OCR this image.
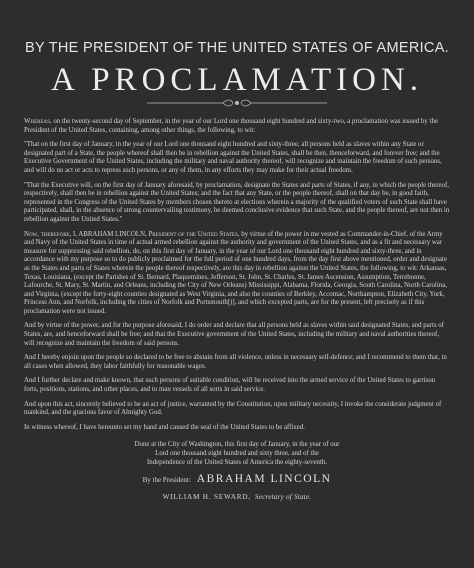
BY THE PRESIDENT OF THE UNITED STATES OF AMERICA.
A PROCLAMATION.

Whereas, on the twenty-second day of September, in the year of our Lord one thousand eight hundred and sixty-two, a proclamation was issued by the President of the United States, containing, among other things, the following, to wit:

"That on the first day of January, in the year of our Lord one thousand eight hundred and sixty-three, all persons held as slaves within any State or designated part of a State, the people whereof shall then be in rebellion against the United States, shall be then, thenceforward, and forever free; and the Executive Government of the United States, including the military and naval authority thereof, will recognize and maintain the freedom of such persons, and will do no act or acts to repress such persons, or any of them, in any efforts they may make for their actual freedom.

"That the Executive will, on the first day of January aforesaid, by proclamation, designate the States and parts of States, if any, in which the people thereof, respectively, shall then be in rebellion against the United States; and the fact that any State, or the people thereof, shall on that day be, in good faith, represented in the Congress of the United States by members chosen thereto at elections wherein a majority of the qualified voters of such State shall have participated, shall, in the absence of strong countervailing testimony, be deemed conclusive evidence that such State, and the people thereof, are not then in rebellion against the United States."

Now, therefore, I, ABRAHAM LINCOLN, President of the United States, by virtue of the power in me vested as Commander-in-Chief, of the Army and Navy of the United States in time of actual armed rebellion against the authority and government of the United States, and as a fit and necessary war measure for suppressing said rebellion, do, on this first day of January, in the year of our Lord one thousand eight hundred and sixty-three, and in accordance with my purpose so to do publicly proclaimed for the full period of one hundred days, from the day first above mentioned, order and designate as the States and parts of States wherein the people thereof respectively, are this day in rebellion against the United States, the following, to wit: Arkansas, Texas, Louisiana, (except the Parishes of St. Bernard, Plaquemines, Jefferson, St. John, St. Charles, St. James Ascension, Assumption, Terrebonne, Lafourche, St. Mary, St. Martin, and Orleans, including the City of New Orleans) Mississippi, Alabama, Florida, Georgia, South Carolina, North Carolina, and Virginia, (except the forty-eight counties designated as West Virginia, and also the counties of Berkley, Accomac, Northampton, Elizabeth City, York, Princess Ann, and Norfolk, including the cities of Norfolk and Portsmouth[)], and which excepted parts, are for the present, left precisely as if this proclamation were not issued.

And by virtue of the power, and for the purpose aforesaid, I do order and declare that all persons held as slaves within said designated States, and parts of States, are, and henceforward shall be free; and that the Executive government of the United States, including the military and naval authorities thereof, will recognize and maintain the freedom of said persons.

And I hereby enjoin upon the people so declared to be free to abstain from all violence, unless in necessary self-defence; and I recommend to them that, in all cases when allowed, they labor faithfully for reasonable wages.

And I further declare and make known, that such persons of suitable condition, will be received into the armed service of the United States to garrison forts, positions, stations, and other places, and to man vessels of all sorts in said service.

And upon this act, sincerely believed to be an act of justice, warranted by the Constitution, upon military necessity, I invoke the considerate judgment of mankind, and the gracious favor of Almighty God.

In witness whereof, I have hereunto set my hand and caused the seal of the United States to be affixed.

Done at the City of Washington, this first day of January, in the year of our
Lord one thousand eight hundred and sixty three, and of the
Independence of the United States of America the eighty-seventh.
By the President: ABRAHAM LINCOLN
WILLIAM H. SEWARD, Secretary of State.
